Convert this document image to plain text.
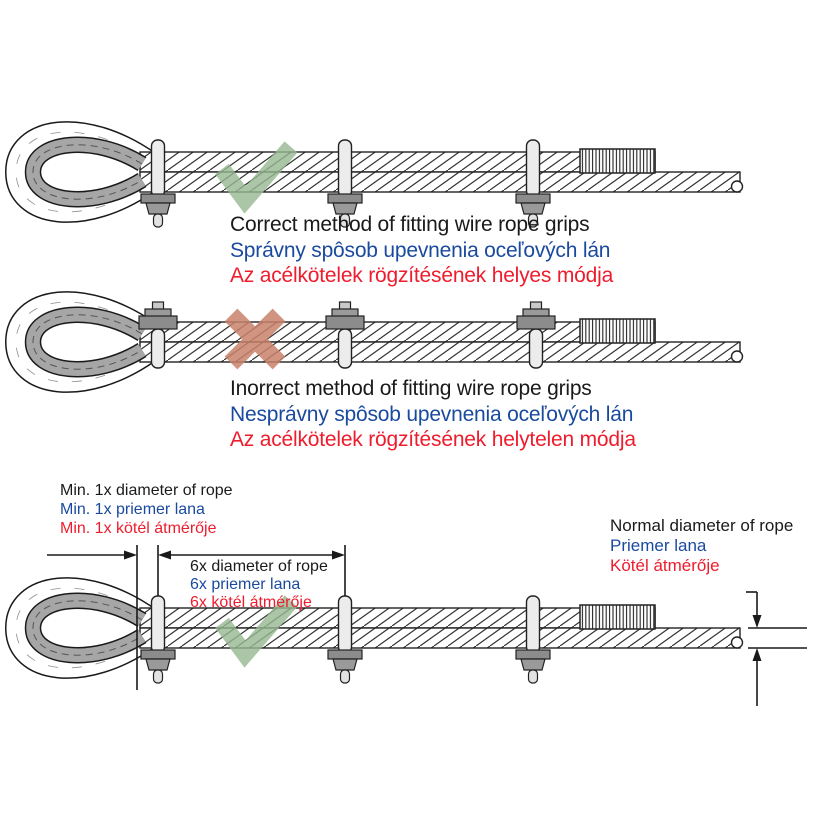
Correct method of fitting wire rope grips
Správny spôsob upevnenia oceľových lán
Az acélkötelek rögzítésének helyes módja
Inorrect method of fitting wire rope grips
Nesprávny spôsob upevnenia oceľových lán
Az acélkötelek rögzítésének helytelen módja
Min. 1x diameter of rope
Min. 1x priemer lana
Min. 1x kötél átmérője
6x diameter of rope
6x priemer lana
6x kötél átmérője
Normal diameter of rope
Priemer lana
Kötél átmérője
